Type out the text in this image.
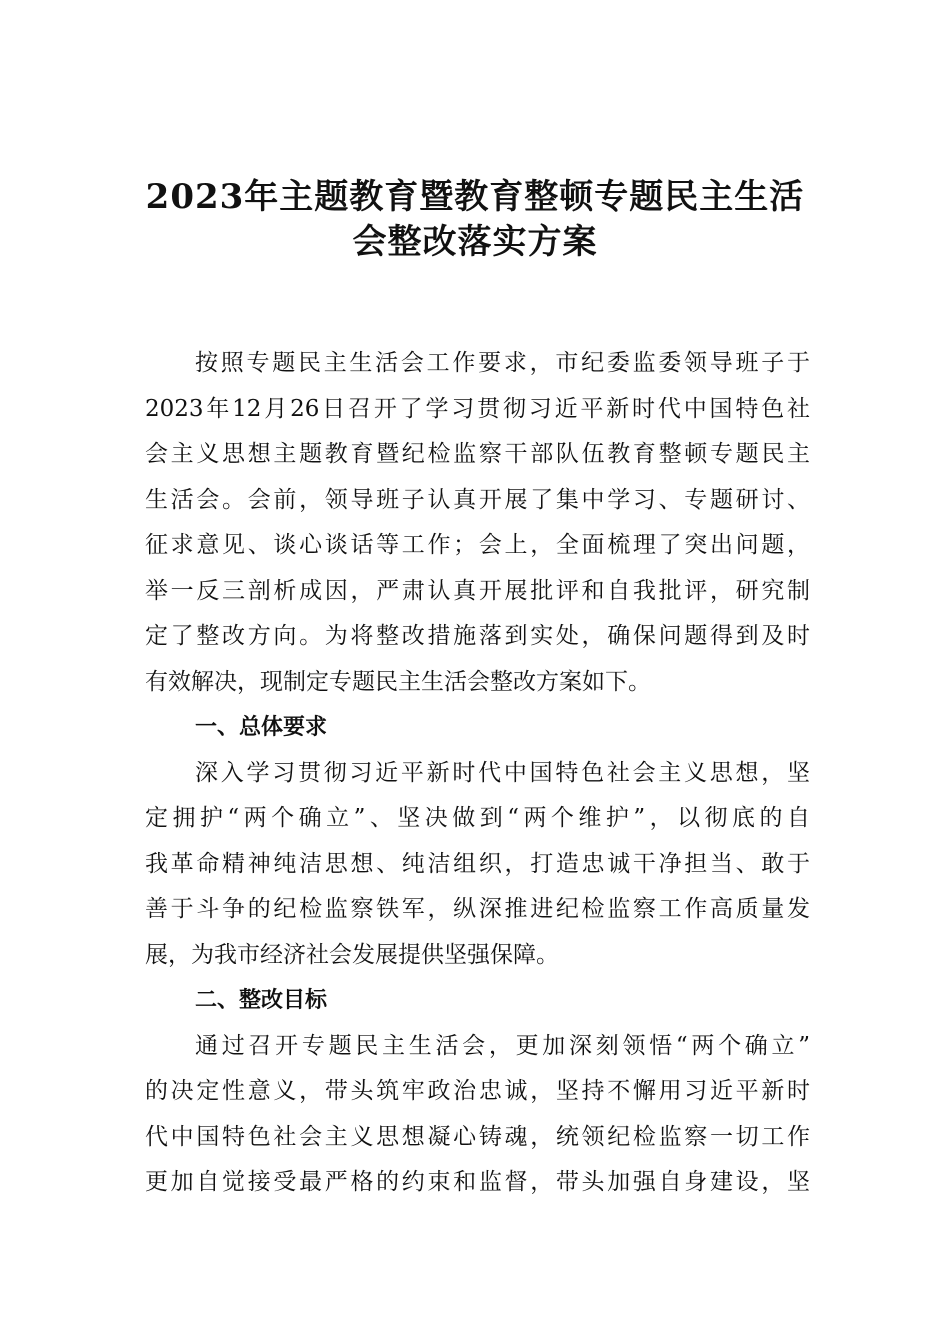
2023年主题教育暨教育整顿专题民主生活
会整改落实方案
按照专题民主生活会工作要求，市纪委监委领导班子于
2023年12月26日召开了学习贯彻习近平新时代中国特色社
会主义思想主题教育暨纪检监察干部队伍教育整顿专题民主
生活会。会前，领导班子认真开展了集中学习、专题研讨、
征求意见、谈心谈话等工作；会上，全面梳理了突出问题，
举一反三剖析成因，严肃认真开展批评和自我批评，研究制
定了整改方向。为将整改措施落到实处，确保问题得到及时
有效解决，现制定专题民主生活会整改方案如下。
一、总体要求
深入学习贯彻习近平新时代中国特色社会主义思想，坚
定拥护“两个确立”、坚决做到“两个维护”，以彻底的自
我革命精神纯洁思想、纯洁组织，打造忠诚干净担当、敢于
善于斗争的纪检监察铁军，纵深推进纪检监察工作高质量发
展，为我市经济社会发展提供坚强保障。
二、整改目标
通过召开专题民主生活会，更加深刻领悟“两个确立”
的决定性意义，带头筑牢政治忠诚，坚持不懈用习近平新时
代中国特色社会主义思想凝心铸魂，统领纪检监察一切工作
更加自觉接受最严格的约束和监督，带头加强自身建设，坚
